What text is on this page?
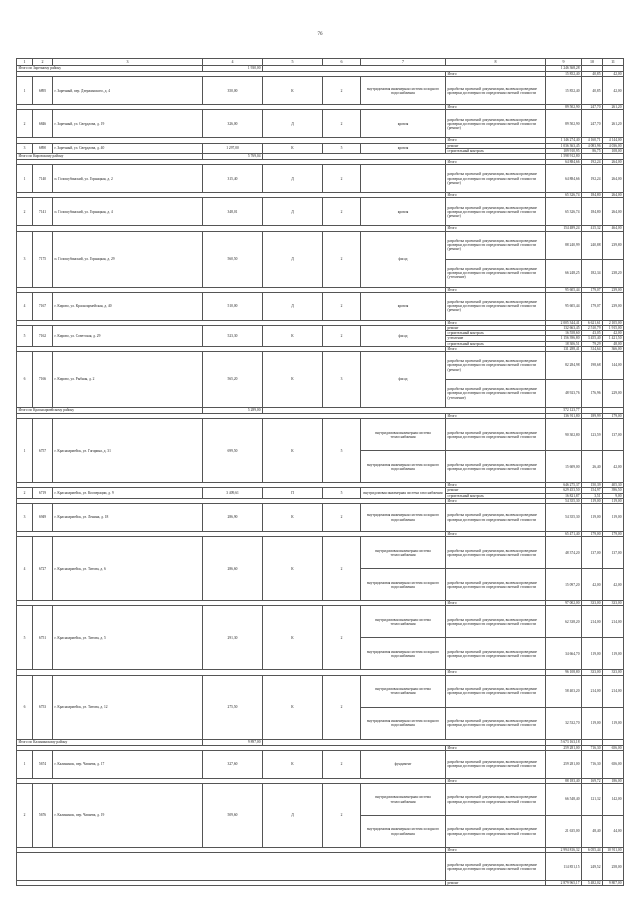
76
1	2	3	4	5	6	7	8	9	10	11
Итого по Заречному району			1 930,00					1 246 368,28		
							Итого	15 852,40	40,85	42,00
1	6895	г. Заречный, пер. Дзержинского, д. 4	350,00	К	2	внутридомовая инженерная система холодного водоснабжения	разработка проектной документации, включая проведение проверки достоверности определения сметной стоимости	15 852,40	40,85	42,00
							Итого	89 502,90	247,70	261,20
2	6846	г. Заречный, ул. Свердлова, д. 19	326,00	Д	2	кровля	разработка проектной документации, включая проведение проверки достоверности определения сметной стоимости (ремонт)	89 502,90	247,70	261,20
							Итого	1 146 274,40	4 160,71	4 144,00
3	6890	г. Заречный, ул. Свердлова, д. 40	1 297,00	К	5	кровля	ремонт	1 036 363,45	4 083,96	4 036,00
							строительный контроль	109 910,95	86,75	108,00
Итого по Кировскому району			5 769,04					1 598 912,80		
							Итого	64 884,66	192,24	264,00
1	7140	п. Голошубинский, ул. Горняцкая, д. 2	315,40	Д	2		разработка проектной документации, включая проведение проверки достоверности определения сметной стоимости (ремонт)	64 884,66	192,24	264,00
							Итого	65 326,74	184,80	264,00
2	7141	п. Голошубинский, ул. Горняцкая, д. 4	348,01	Д	2	кровля	разработка проектной документации, включая проведение проверки достоверности определения сметной стоимости (ремонт)	65 326,74	184,80	264,00
							Итого	154 489,24	415,32	464,00
3	7175	п. Голошубинский, ул. Горняцкая, д. 29	560,50	Д	2	фасад	разработка проектной документации, включая проведение проверки достоверности определения сметной стоимости (ремонт)	88 240,99	240,88	239,80
							разработка проектной документации, включая проведение проверки достоверности определения сметной стоимости (утепление)	66 248,25	182,34	238,20
							Итого	95 605,44	179,07	239,00
4	7167	г. Кирово, ул. Красноармейская, д. 40	510,00	Д	2	кровля	разработка проектной документации, включая проведение проверки достоверности определения сметной стоимости (ремонт)	95 605,44	179,07	239,00
							Итого	2 005 344,41	6 621,61	2 105,00
5	7162	г. Кирово, ул. Советская, д. 29	523,30	К	2	фасад	ремонт	132 663,45	2 510,79	1 915,00
							строительный контроль	16 558,60	43,05	42,00
							утепление	1 156 396,80	3 455,40	1 421,50
							строительный контроль	18 306,51	79,29	48,00
							Итого	131 288,41	314,64	366,00
6	7166	г. Кирово, ул. Рыбная, д. 2	565,20	К	3	фасад	разработка проектной документации, включая проведение проверки достоверности определения сметной стоимости (ремонт)	82 284,98	198,68	144,00
							разработка проектной документации, включая проведение проверки достоверности определения сметной стоимости (утепление)	48 923,76	176,96	229,00
Итого по Красноармейскому району			5 289,00					572 123,77		
							Итого	136 911,80	189,99	179,00
1	6757	г. Красноармейск, ул. Гагарина, д. 31	699,50	К	5	внутридомовая инженерная система теплоснабжения	разработка проектной документации, включая проведение проверки достоверности определения сметной стоимости	90 302,80	123,59	137,00
						внутридомовая инженерная система холодного водоснабжения	разработка проектной документации, включая проведение проверки достоверности определения сметной стоимости	15 609,00	26,40	42,00
							Итого	646 275,37	150,39	405,30
2	6719	г. Красноармейск, ул. Кооперации, д. 9	3 409,61	П	5	внутридомовая инженерная система газоснабжения	ремонт	629 453,50	154,97	396,50
							строительный контроль	16 821,87	3,51	9,00
							Итого	54 355,30	119,00	119,00
3	6949	г. Красноармейск, ул. Ленина, д. 18	286,90	К	2	внутридомовая инженерная система холодного водоснабжения	разработка проектной документации, включая проведение проверки достоверности определения сметной стоимости	54 355,30	119,00	119,00
							Итого	65 471,40	179,00	179,00
4	6727	г. Красноармейск, ул. Титова, д. 6	286,60	К	2	внутридомовая инженерная система теплоснабжения	разработка проектной документации, включая проведение проверки достоверности определения сметной стоимости	48 374,20	137,00	137,00
						внутридомовая инженерная система холодного водоснабжения	разработка проектной документации, включая проведение проверки достоверности определения сметной стоимости	15 097,20	42,00	42,00
							Итого	97 002,00	333,00	333,00
5	6751	г. Красноармейск, ул. Титова, д. 5	291,30	К	2	внутридомовая инженерная система теплоснабжения	разработка проектной документации, включая проведение проверки достоверности определения сметной стоимости	62 338,20	214,00	214,00
						внутридомовая инженерная система холодного водоснабжения	разработка проектной документации, включая проведение проверки достоверности определения сметной стоимости	34 664,70	119,00	119,00
							Итого	96 108,80	333,00	333,00
6	6753	г. Красноармейск, ул. Титова, д. 12	275,50	К	2	внутридомовая инженерная система теплоснабжения	разработка проектной документации, включая проведение проверки достоверности определения сметной стоимости	58 403,20	214,00	214,00
						внутридомовая инженерная система холодного водоснабжения	разработка проектной документации, включая проведение проверки достоверности определения сметной стоимости	32 532,70	119,00	119,00
Итого по Калининскому району			9 897,00					5 673 163,18		
							Итого	259 281,00	716,30	656,00
1	5674	г. Калининск, пер. Чапаева, д. 17	327,60	К	2	фундамент	разработка проектной документации, включая проведение проверки достоверности определения сметной стоимости	259 281,00	716,30	656,00
							Итого	88 183,40	169,72	186,00
2	5676	г. Калининск, пер. Чапаева, д. 19	509,60	Д	2	внутридомовая инженерная система теплоснабжения	разработка проектной документации, включая проведение проверки достоверности определения сметной стоимости	66 548,40	121,32	142,00
						внутридомовая инженерная система холодного водоснабжения	разработка проектной документации, включая проведение проверки достоверности определения сметной стоимости	21 635,00	48,40	44,00
							Итого	2 994 816,32	6 055,44	10 911,00
							разработка проектной документации, включая проведение проверки достоверности определения сметной стоимости	114 851,15	249,52	258,00
							ремонт	2 879 965,17	5 482,02	9 807,00
